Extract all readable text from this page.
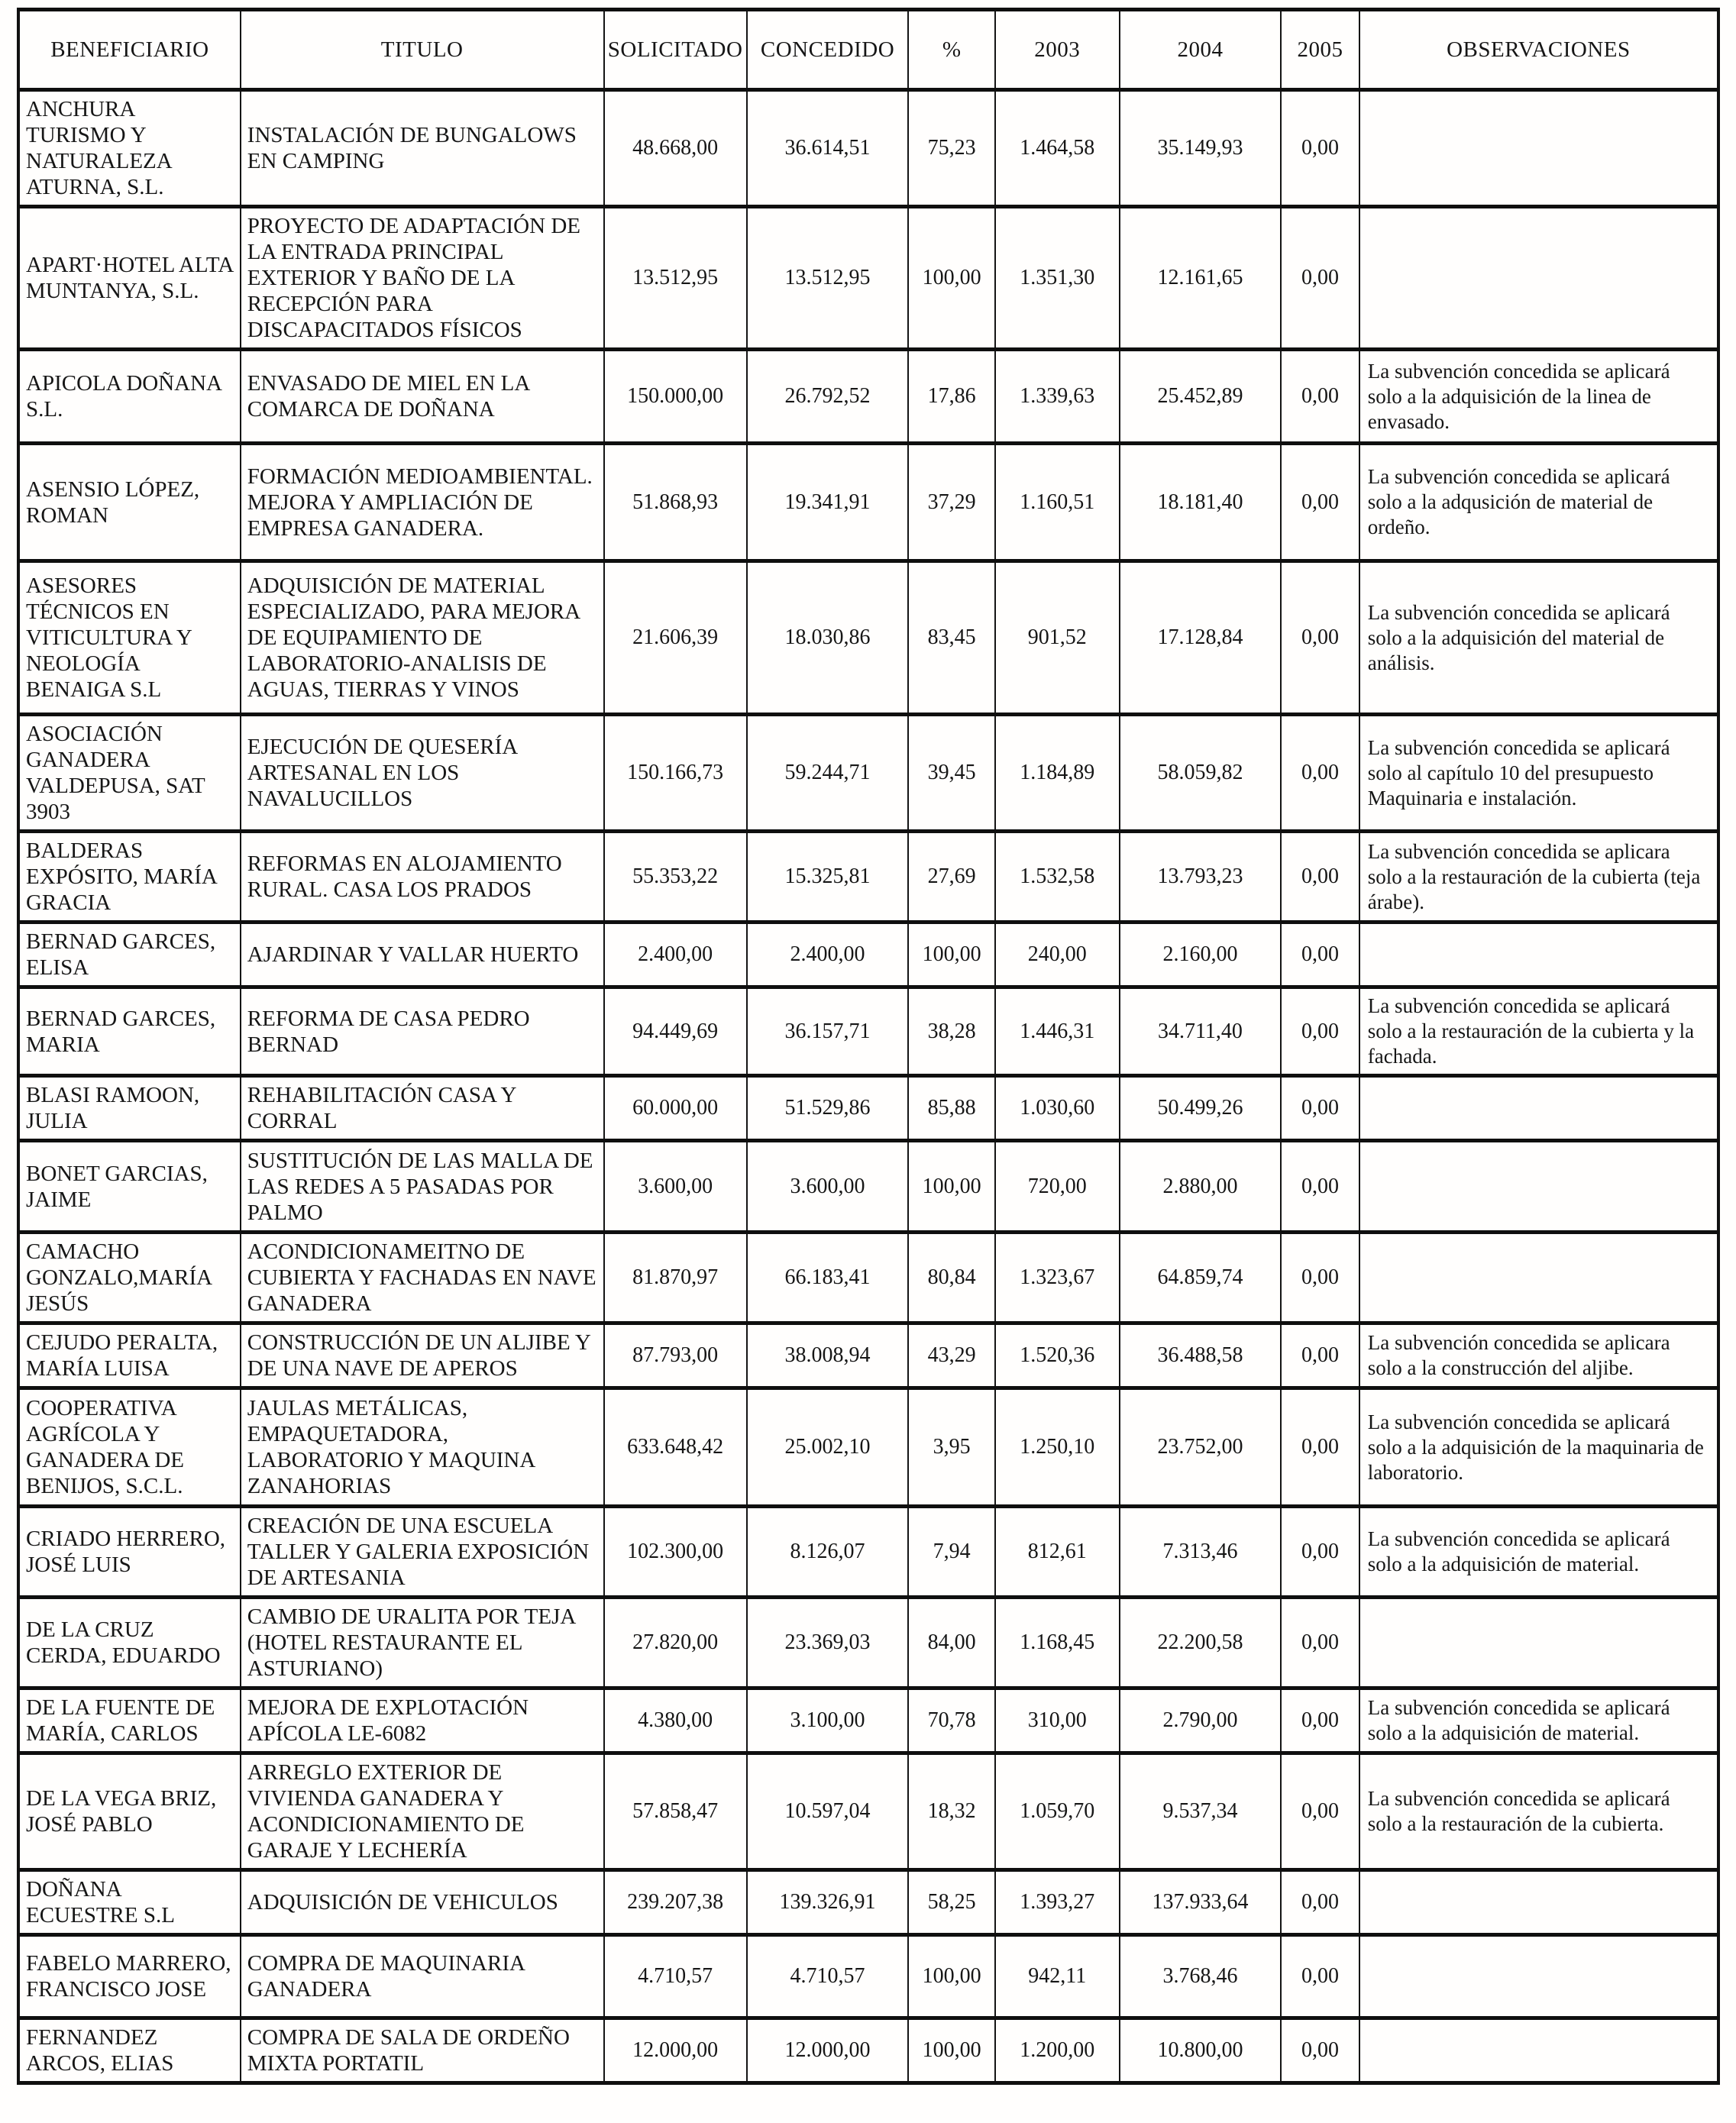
BENEFICIARIO	TITULO	SOLICITADO	CONCEDIDO	%	2003	2004	2005	OBSERVACIONES
ANCHURA TURISMO Y NATURALEZA ATURNA, S.L.	INSTALACIÓN DE BUNGALOWS EN CAMPING	48.668,00	36.614,51	75,23	1.464,58	35.149,93	0,00	
APART·HOTEL ALTA MUNTANYA, S.L.	PROYECTO DE ADAPTACIÓN DE LA ENTRADA PRINCIPAL EXTERIOR Y BAÑO DE LA RECEPCIÓN PARA DISCAPACITADOS FÍSICOS	13.512,95	13.512,95	100,00	1.351,30	12.161,65	0,00	
APICOLA DOÑANA S.L.	ENVASADO DE MIEL EN LA COMARCA DE DOÑANA	150.000,00	26.792,52	17,86	1.339,63	25.452,89	0,00	La subvención concedida se aplicará solo a la adquisición de la linea de envasado.
ASENSIO LÓPEZ, ROMAN	FORMACIÓN MEDIOAMBIENTAL. MEJORA Y AMPLIACIÓN DE EMPRESA GANADERA.	51.868,93	19.341,91	37,29	1.160,51	18.181,40	0,00	La subvención concedida se aplicará solo a la adqusición de material de ordeño.
ASESORES TÉCNICOS EN VITICULTURA Y NEOLOGÍA BENAIGA S.L	ADQUISICIÓN DE MATERIAL ESPECIALIZADO, PARA MEJORA DE EQUIPAMIENTO DE LABORATORIO-ANALISIS DE AGUAS, TIERRAS Y VINOS	21.606,39	18.030,86	83,45	901,52	17.128,84	0,00	La subvención concedida se aplicará solo a la adquisición del material de análisis.
ASOCIACIÓN GANADERA VALDEPUSA, SAT 3903	EJECUCIÓN DE QUESERÍA ARTESANAL EN LOS NAVALUCILLOS	150.166,73	59.244,71	39,45	1.184,89	58.059,82	0,00	La subvención concedida se aplicará solo al capítulo 10 del presupuesto Maquinaria e instalación.
BALDERAS EXPÓSITO, MARÍA GRACIA	REFORMAS EN ALOJAMIENTO RURAL. CASA LOS PRADOS	55.353,22	15.325,81	27,69	1.532,58	13.793,23	0,00	La subvención concedida se aplicara solo a la restauración de la cubierta (teja árabe).
BERNAD GARCES, ELISA	AJARDINAR Y VALLAR HUERTO	2.400,00	2.400,00	100,00	240,00	2.160,00	0,00	
BERNAD GARCES, MARIA	REFORMA DE CASA PEDRO BERNAD	94.449,69	36.157,71	38,28	1.446,31	34.711,40	0,00	La subvención concedida se aplicará solo a la restauración de la cubierta y la fachada.
BLASI RAMOON, JULIA	REHABILITACIÓN CASA Y CORRAL	60.000,00	51.529,86	85,88	1.030,60	50.499,26	0,00	
BONET GARCIAS, JAIME	SUSTITUCIÓN DE LAS MALLA DE LAS REDES A 5 PASADAS POR PALMO	3.600,00	3.600,00	100,00	720,00	2.880,00	0,00	
CAMACHO GONZALO,MARÍA JESÚS	ACONDICIONAMEITNO DE CUBIERTA Y FACHADAS EN NAVE GANADERA	81.870,97	66.183,41	80,84	1.323,67	64.859,74	0,00	
CEJUDO PERALTA, MARÍA LUISA	CONSTRUCCIÓN DE UN ALJIBE Y DE UNA NAVE DE APEROS	87.793,00	38.008,94	43,29	1.520,36	36.488,58	0,00	La subvención concedida se aplicara solo a la construcción del aljibe.
COOPERATIVA AGRÍCOLA Y GANADERA DE BENIJOS, S.C.L.	JAULAS METÁLICAS, EMPAQUETADORA, LABORATORIO Y MAQUINA ZANAHORIAS	633.648,42	25.002,10	3,95	1.250,10	23.752,00	0,00	La subvención concedida se aplicará solo a la adquisición de la maquinaria de laboratorio.
CRIADO HERRERO, JOSÉ LUIS	CREACIÓN DE UNA ESCUELA TALLER Y GALERIA EXPOSICIÓN DE ARTESANIA	102.300,00	8.126,07	7,94	812,61	7.313,46	0,00	La subvención concedida se aplicará solo a la adquisición de material.
DE LA CRUZ CERDA, EDUARDO	CAMBIO DE URALITA POR TEJA (HOTEL RESTAURANTE EL ASTURIANO)	27.820,00	23.369,03	84,00	1.168,45	22.200,58	0,00	
DE LA FUENTE DE MARÍA, CARLOS	MEJORA DE EXPLOTACIÓN APÍCOLA LE-6082	4.380,00	3.100,00	70,78	310,00	2.790,00	0,00	La subvención concedida se aplicará solo a la adquisición de material.
DE LA VEGA BRIZ, JOSÉ PABLO	ARREGLO EXTERIOR DE VIVIENDA GANADERA Y ACONDICIONAMIENTO DE GARAJE Y LECHERÍA	57.858,47	10.597,04	18,32	1.059,70	9.537,34	0,00	La subvención concedida se aplicará solo a la restauración de la cubierta.
DOÑANA ECUESTRE S.L	ADQUISICIÓN DE VEHICULOS	239.207,38	139.326,91	58,25	1.393,27	137.933,64	0,00	
FABELO MARRERO, FRANCISCO JOSE	COMPRA DE MAQUINARIA GANADERA	4.710,57	4.710,57	100,00	942,11	3.768,46	0,00	
FERNANDEZ ARCOS, ELIAS	COMPRA DE SALA DE ORDEÑO MIXTA PORTATIL	12.000,00	12.000,00	100,00	1.200,00	10.800,00	0,00	
